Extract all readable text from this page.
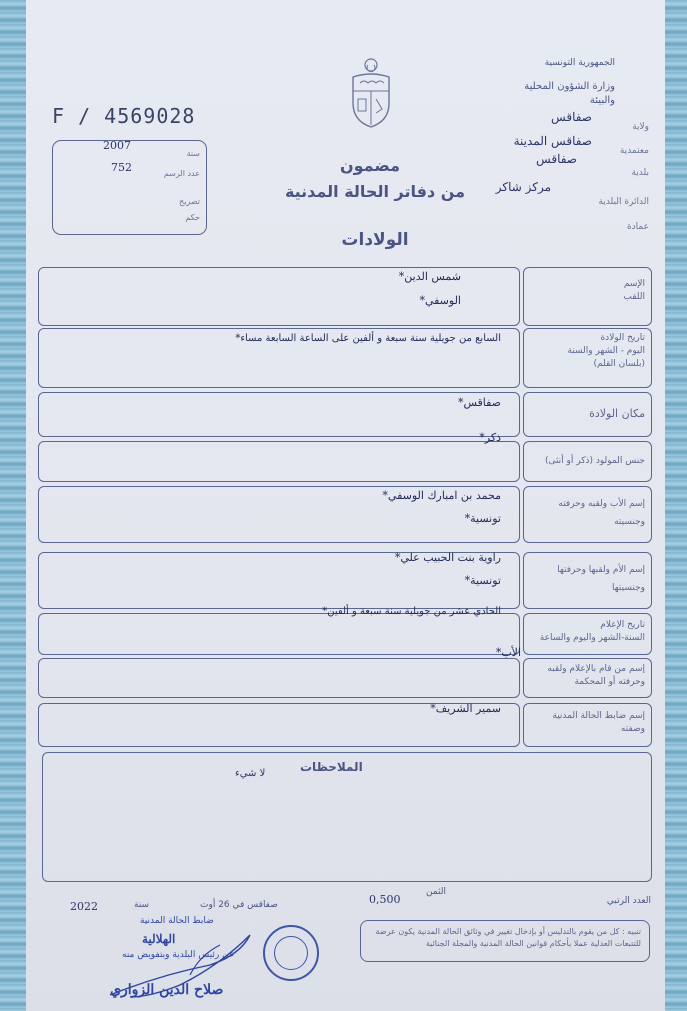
F / 4569028
سنة
2007
عدد الرسم
752
تصريح
حكم
الجمهورية التونسية
وزارة الشؤون المحلية والبيئة
ولاية
صفاقس
معتمدية
صفاقس المدينة
بلدية
صفاقس
الدائرة البلدية
مركز شاكر
عمادة
مضمون
من دفاتر الحالة المدنية
الولادات
الإسم
اللقب
شمس الدين*
الوسفي*
تاريخ الولادة
اليوم - الشهر والسنة
(بلسان القلم)
السابع من جويلية سنة سبعة و ألفين على الساعة السابعة مساء*
مكان الولادة
صفاقس*
جنس المولود (ذكر أو أنثى)
ذكر*
إسم الأب ولقبه وحرفته
وجنسيته
محمد بن امبارك الوسفي*
تونسية*
إسم الأم ولقبها وحرفتها
وجنسيتها
راوية بنت الحبيب علي*
تونسية*
تاريخ الإعلام
السنة-الشهر واليوم والساعة
الحادي عشر من جويلية سنة سبعة و ألفين*
إسم من قام بالإعلام ولقبه
وحرفته أو المحكمة
الأب*
إسم ضابط الحالة المدنية
وصفته
سمير الشريف*
الملاحظات
لا شيء
العدد الرتبي
الثمن
0,500
صفاقس في 26 أوت
سنة
2022
تنبيه : كل من يقوم بالتدليس أو بإدخال تغيير في وثائق الحالة المدنية يكون عرضة للتتبعات العدلية عملا بأحكام قوانين الحالة المدنية والمجلة الجنائية
ضابط الحالة المدنية
الهلالية
عن رئيس البلدية وبتفويض منه
صلاح الدين الزواري
